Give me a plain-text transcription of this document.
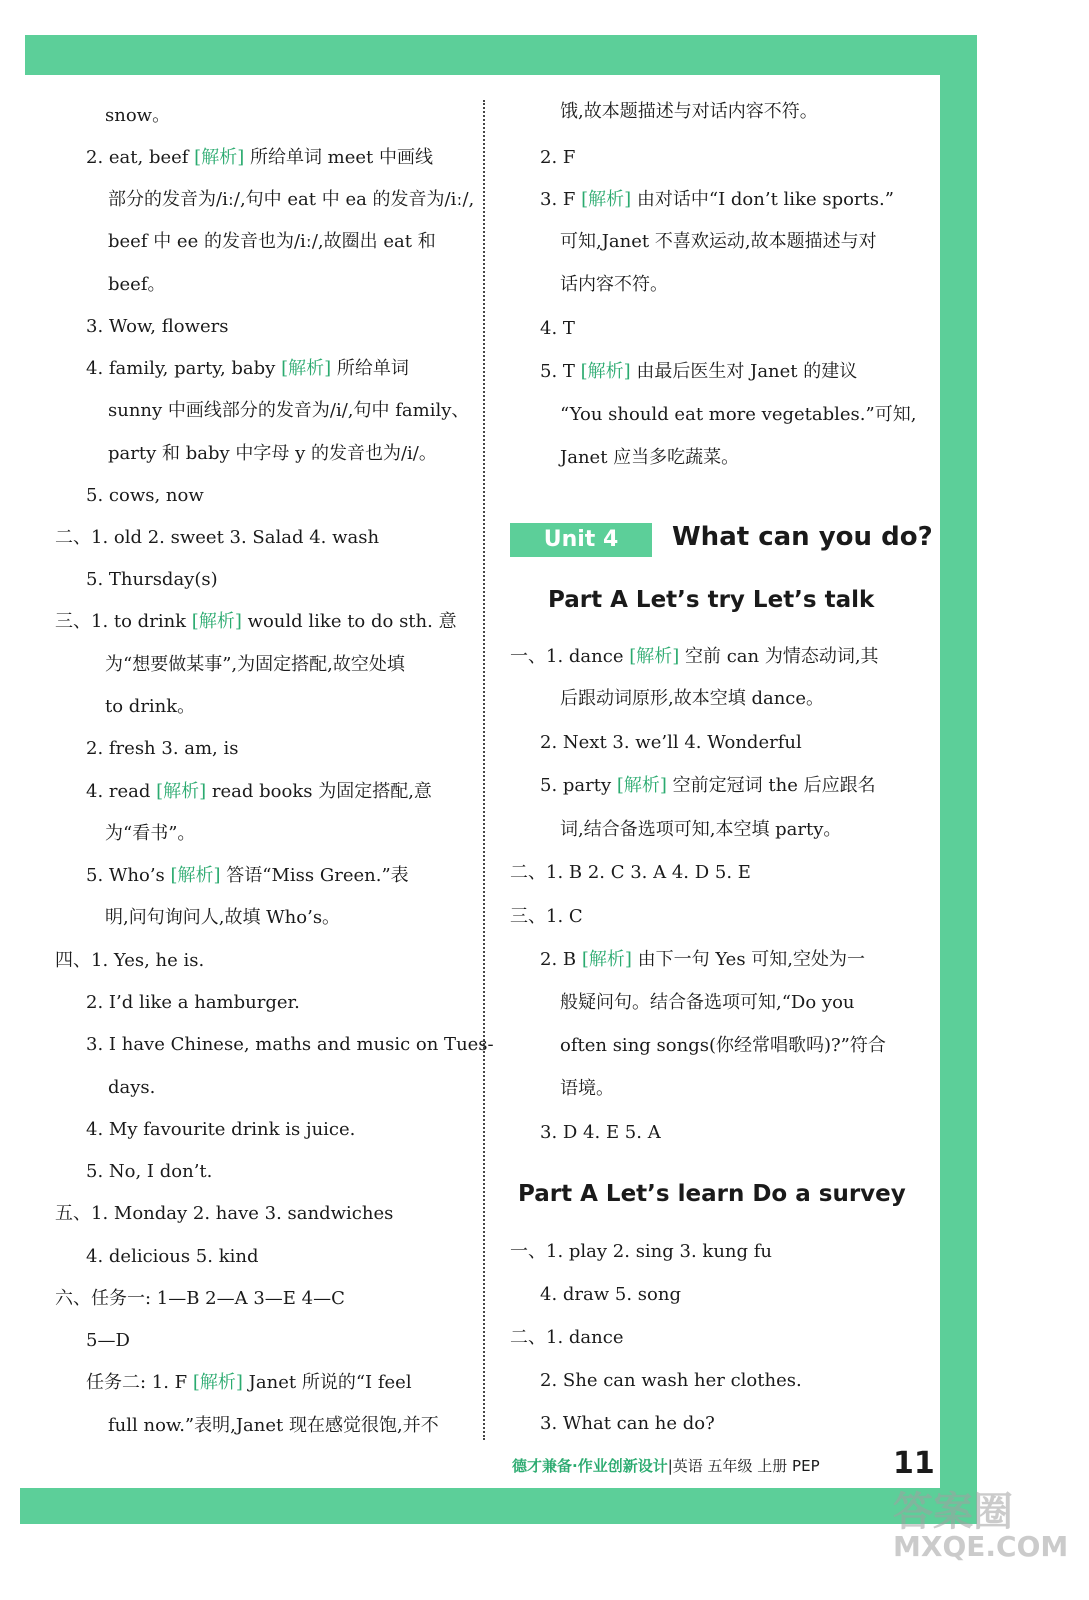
Unit 4	What can you do?
Part A Let’s try Let’s talk
Part A Let’s learn Do a survey
德才兼备·作业创新设计|英语 五年级 上册 PEP 11
答案圈
MXQE.COM
snow。
2. eat, beef [解析] 所给单词 meet 中画线
部分的发音为/iː/,句中 eat 中 ea 的发音为/iː/,
beef 中 ee 的发音也为/iː/,故圈出 eat 和
beef。
3. Wow, flowers
4. family, party, baby [解析] 所给单词
sunny 中画线部分的发音为/i/,句中 family、
party 和 baby 中字母 y 的发音也为/i/。
5. cows, now
二、1. old 2. sweet 3. Salad 4. wash
5. Thursday(s)
三、1. to drink [解析] would like to do sth. 意
为“想要做某事”,为固定搭配,故空处填
to drink。
2. fresh 3. am, is
4. read [解析] read books 为固定搭配,意
为“看书”。
5. Who’s [解析] 答语“Miss Green.”表
明,问句询问人,故填 Who’s。
四、1. Yes, he is.
2. I’d like a hamburger.
3. I have Chinese, maths and music on Tues-
days.
4. My favourite drink is juice.
5. No, I don’t.
五、1. Monday 2. have 3. sandwiches
4. delicious 5. kind
六、任务一: 1—B 2—A 3—E 4—C
5—D
任务二: 1. F [解析] Janet 所说的“I feel
full now.”表明,Janet 现在感觉很饱,并不
饿,故本题描述与对话内容不符。
2. F
3. F [解析] 由对话中“I don’t like sports.”
可知,Janet 不喜欢运动,故本题描述与对
话内容不符。
4. T
5. T [解析] 由最后医生对 Janet 的建议
“You should eat more vegetables.”可知,
Janet 应当多吃蔬菜。
一、1. dance [解析] 空前 can 为情态动词,其
后跟动词原形,故本空填 dance。
2. Next 3. we’ll 4. Wonderful
5. party [解析] 空前定冠词 the 后应跟名
词,结合备选项可知,本空填 party。
二、1. B 2. C 3. A 4. D 5. E
三、1. C
2. B [解析] 由下一句 Yes 可知,空处为一
般疑问句。结合备选项可知,“Do you
often sing songs(你经常唱歌吗)?”符合
语境。
3. D 4. E 5. A
一、1. play 2. sing 3. kung fu
4. draw 5. song
二、1. dance
2. She can wash her clothes.
3. What can he do?
